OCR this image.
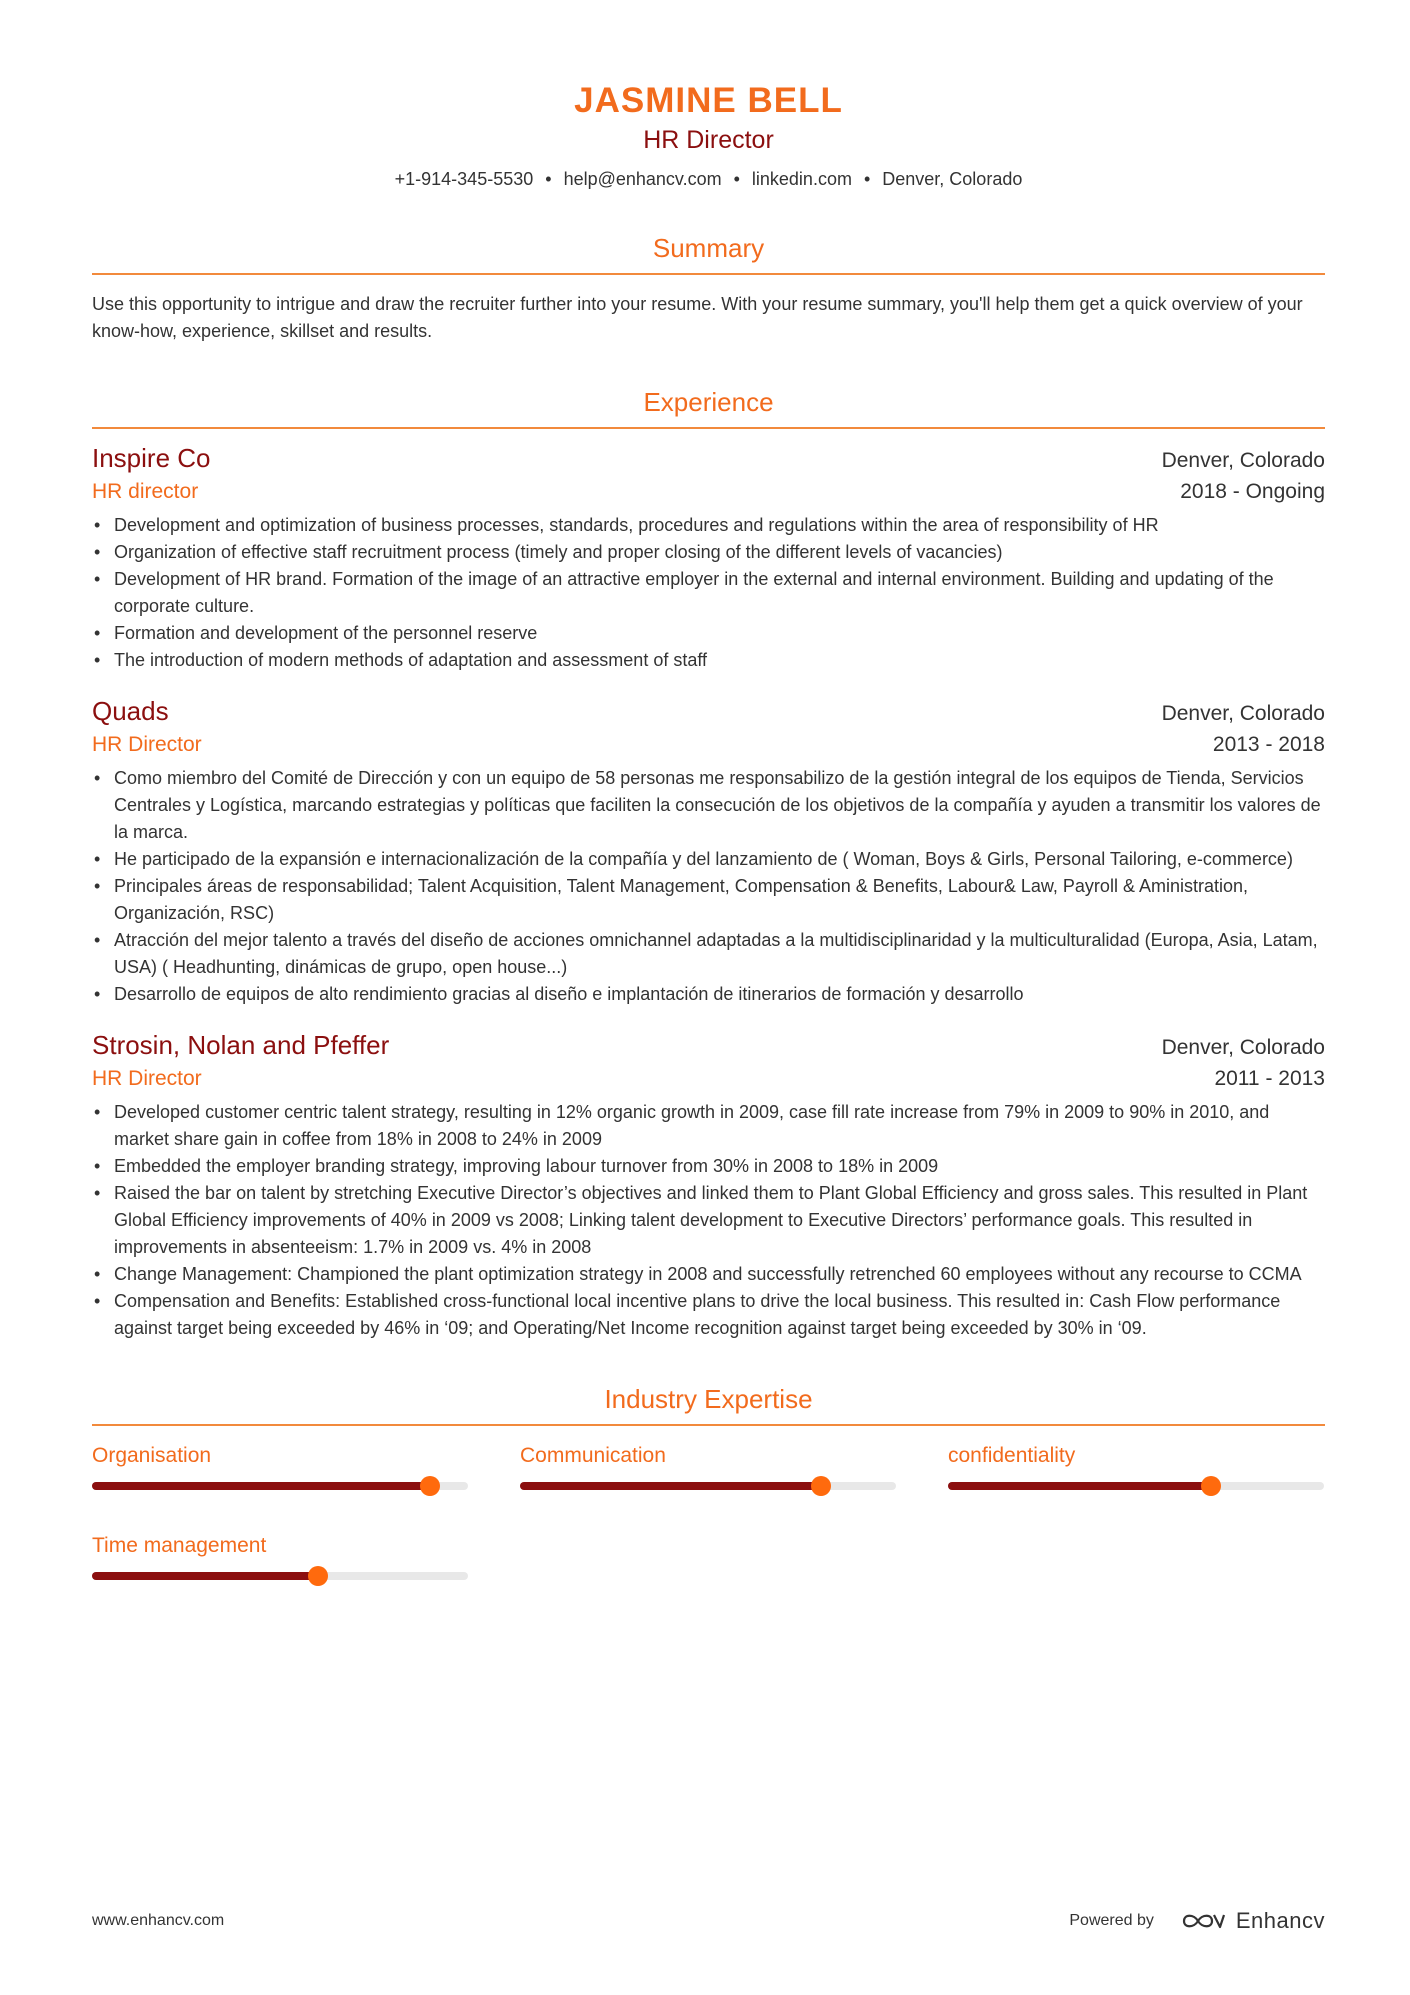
JASMINE BELL
HR Director
+1-914-345-5530 • help@enhancv.com • linkedin.com • Denver, Colorado
Summary
Use this opportunity to intrigue and draw the recruiter further into your resume. With your resume summary, you'll help them get a quick overview of your know-how, experience, skillset and results.
Experience
Inspire Co	Denver, Colorado
HR director	2018 - Ongoing
• Development and optimization of business processes, standards, procedures and regulations within the area of responsibility of HR
• Organization of effective staff recruitment process (timely and proper closing of the different levels of vacancies)
• Development of HR brand. Formation of the image of an attractive employer in the external and internal environment. Building and updating of the corporate culture.
• Formation and development of the personnel reserve
• The introduction of modern methods of adaptation and assessment of staff
Quads	Denver, Colorado
HR Director	2013 - 2018
• Como miembro del Comité de Dirección y con un equipo de 58 personas me responsabilizo de la gestión integral de los equipos de Tienda, Servicios Centrales y Logística, marcando estrategias y políticas que faciliten la consecución de los objetivos de la compañía y ayuden a transmitir los valores de la marca.
• He participado de la expansión e internacionalización de la compañía y del lanzamiento de ( Woman, Boys & Girls, Personal Tailoring, e-commerce)
• Principales áreas de responsabilidad; Talent Acquisition, Talent Management, Compensation & Benefits, Labour& Law, Payroll & Aministration, Organización, RSC)
• Atracción del mejor talento a través del diseño de acciones omnichannel adaptadas a la multidisciplinaridad y la multiculturalidad (Europa, Asia, Latam, USA) ( Headhunting, dinámicas de grupo, open house...)
• Desarrollo de equipos de alto rendimiento gracias al diseño e implantación de itinerarios de formación y desarrollo
Strosin, Nolan and Pfeffer	Denver, Colorado
HR Director	2011 - 2013
• Developed customer centric talent strategy, resulting in 12% organic growth in 2009, case fill rate increase from 79% in 2009 to 90% in 2010, and market share gain in coffee from 18% in 2008 to 24% in 2009
• Embedded the employer branding strategy, improving labour turnover from 30% in 2008 to 18% in 2009
• Raised the bar on talent by stretching Executive Director’s objectives and linked them to Plant Global Efficiency and gross sales. This resulted in Plant Global Efficiency improvements of 40% in 2009 vs 2008; Linking talent development to Executive Directors’ performance goals. This resulted in improvements in absenteeism: 1.7% in 2009 vs. 4% in 2008
• Change Management: Championed the plant optimization strategy in 2008 and successfully retrenched 60 employees without any recourse to CCMA
• Compensation and Benefits: Established cross-functional local incentive plans to drive the local business. This resulted in: Cash Flow performance against target being exceeded by 46% in ‘09; and Operating/Net Income recognition against target being exceeded by 30% in ‘09.
Industry Expertise
Organisation	Communication	confidentiality
Time management
www.enhancv.com	Powered by	Enhancv
